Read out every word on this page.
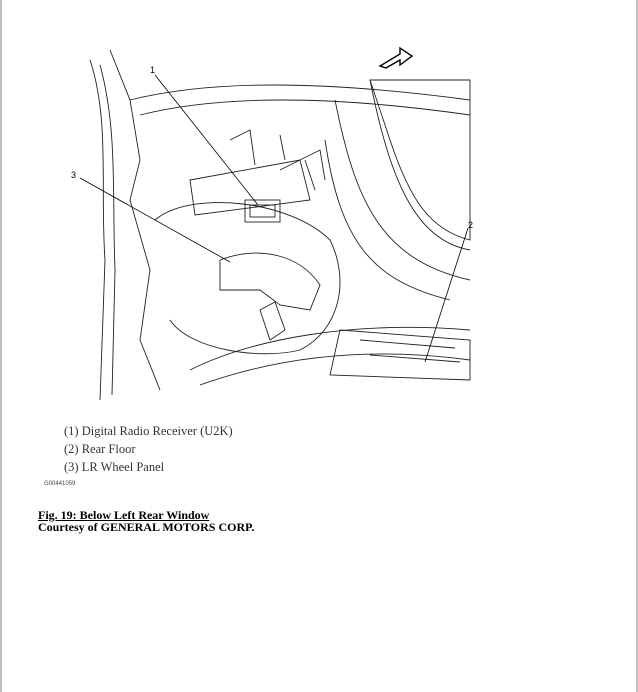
1
3
2
(1) Digital Radio Receiver (U2K)
(2) Rear Floor
(3) LR Wheel Panel
G00441059
Fig. 19: Below Left Rear Window
Courtesy of GENERAL MOTORS CORP.
